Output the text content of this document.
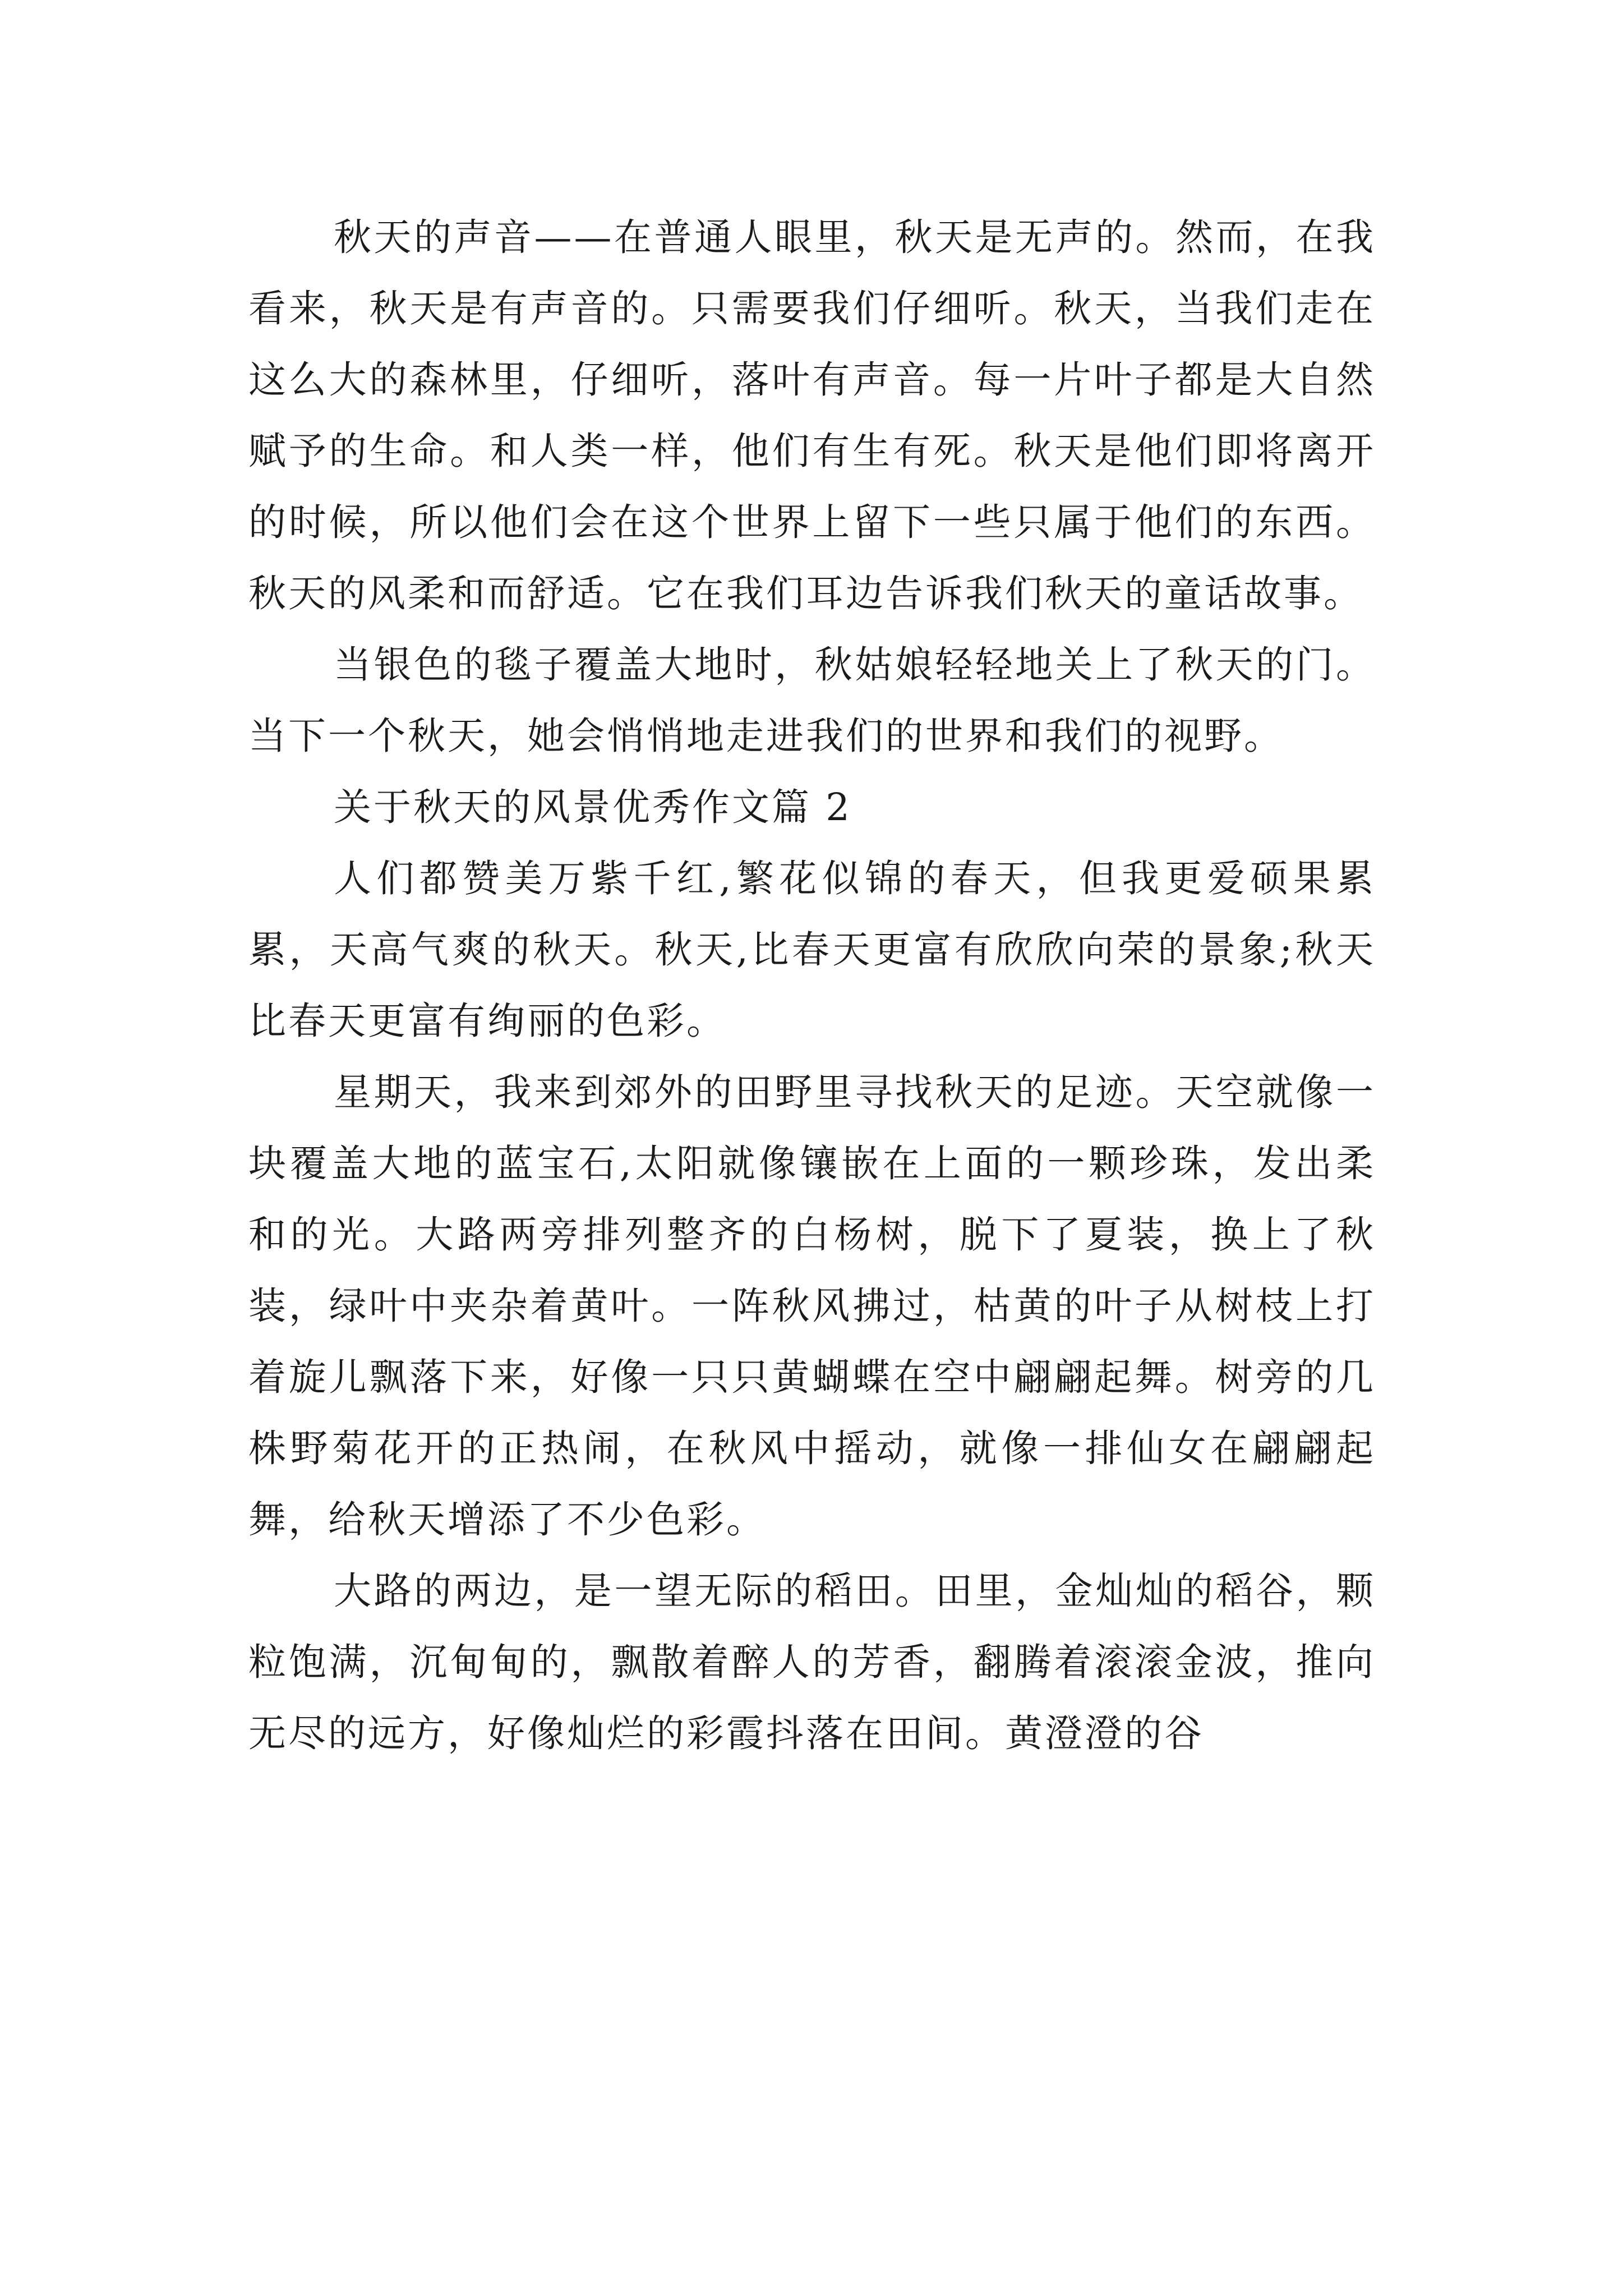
秋天的声音——在普通人眼里，秋天是无声的。然而，在我看来，秋天是有声音的。只需要我们仔细听。秋天，当我们走在这么大的森林里，仔细听，落叶有声音。每一片叶子都是大自然赋予的生命。和人类一样，他们有生有死。秋天是他们即将离开的时候，所以他们会在这个世界上留下一些只属于他们的东西。秋天的风柔和而舒适。它在我们耳边告诉我们秋天的童话故事。

当银色的毯子覆盖大地时，秋姑娘轻轻地关上了秋天的门。当下一个秋天，她会悄悄地走进我们的世界和我们的视野。

关于秋天的风景优秀作文篇 2

人们都赞美万紫千红,繁花似锦的春天，但我更爱硕果累累，天高气爽的秋天。秋天,比春天更富有欣欣向荣的景象;秋天比春天更富有绚丽的色彩。

星期天，我来到郊外的田野里寻找秋天的足迹。天空就像一块覆盖大地的蓝宝石,太阳就像镶嵌在上面的一颗珍珠，发出柔和的光。大路两旁排列整齐的白杨树，脱下了夏装，换上了秋装，绿叶中夹杂着黄叶。一阵秋风拂过，枯黄的叶子从树枝上打着旋儿飘落下来，好像一只只黄蝴蝶在空中翩翩起舞。树旁的几株野菊花开的正热闹，在秋风中摇动，就像一排仙女在翩翩起舞，给秋天增添了不少色彩。

大路的两边，是一望无际的稻田。田里，金灿灿的稻谷，颗粒饱满，沉甸甸的，飘散着醉人的芳香，翻腾着滚滚金波，推向无尽的远方，好像灿烂的彩霞抖落在田间。黄澄澄的谷
